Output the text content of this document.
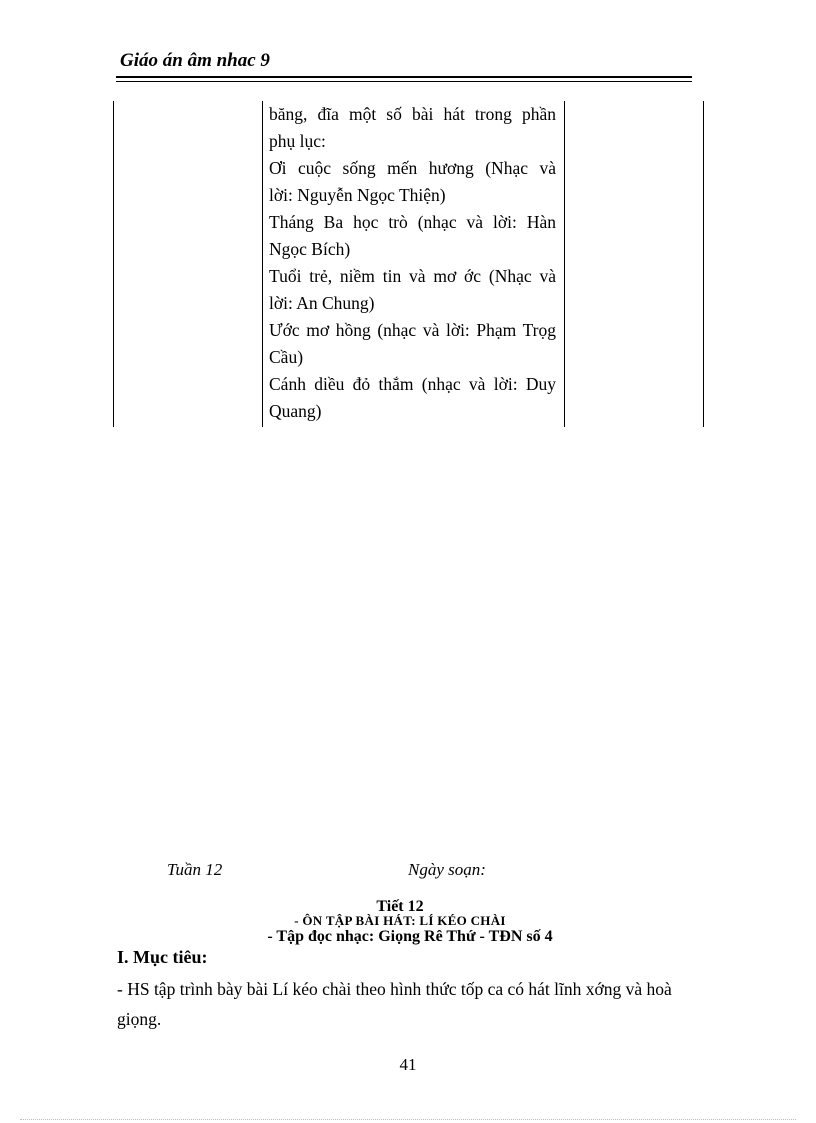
Giáo án âm nhac 9
băng, đĩa một số bài hát trong phần
phụ lục:
Ơi cuộc sống mến hương (Nhạc và
lời: Nguyễn Ngọc Thiện)
Tháng Ba học trò (nhạc và lời: Hàn
Ngọc Bích)
Tuổi trẻ, niềm tin và mơ ớc (Nhạc và
lời: An Chung)
Ước mơ hồng (nhạc và lời: Phạm Trọg
Cầu)
Cánh diều đỏ thắm (nhạc và lời: Duy
Quang)
Tuần 12	Ngày soạn:
Tiết 12
- ÔN TẬP BÀI HÁT: LÍ KÉO CHÀI
- Tập đọc nhạc: Giọng Rê Thứ - TĐN số 4
I. Mục tiêu:
- HS tập trình bày bài Lí kéo chài theo hình thức tốp ca có hát lĩnh xớng và hoà giọng.
41
